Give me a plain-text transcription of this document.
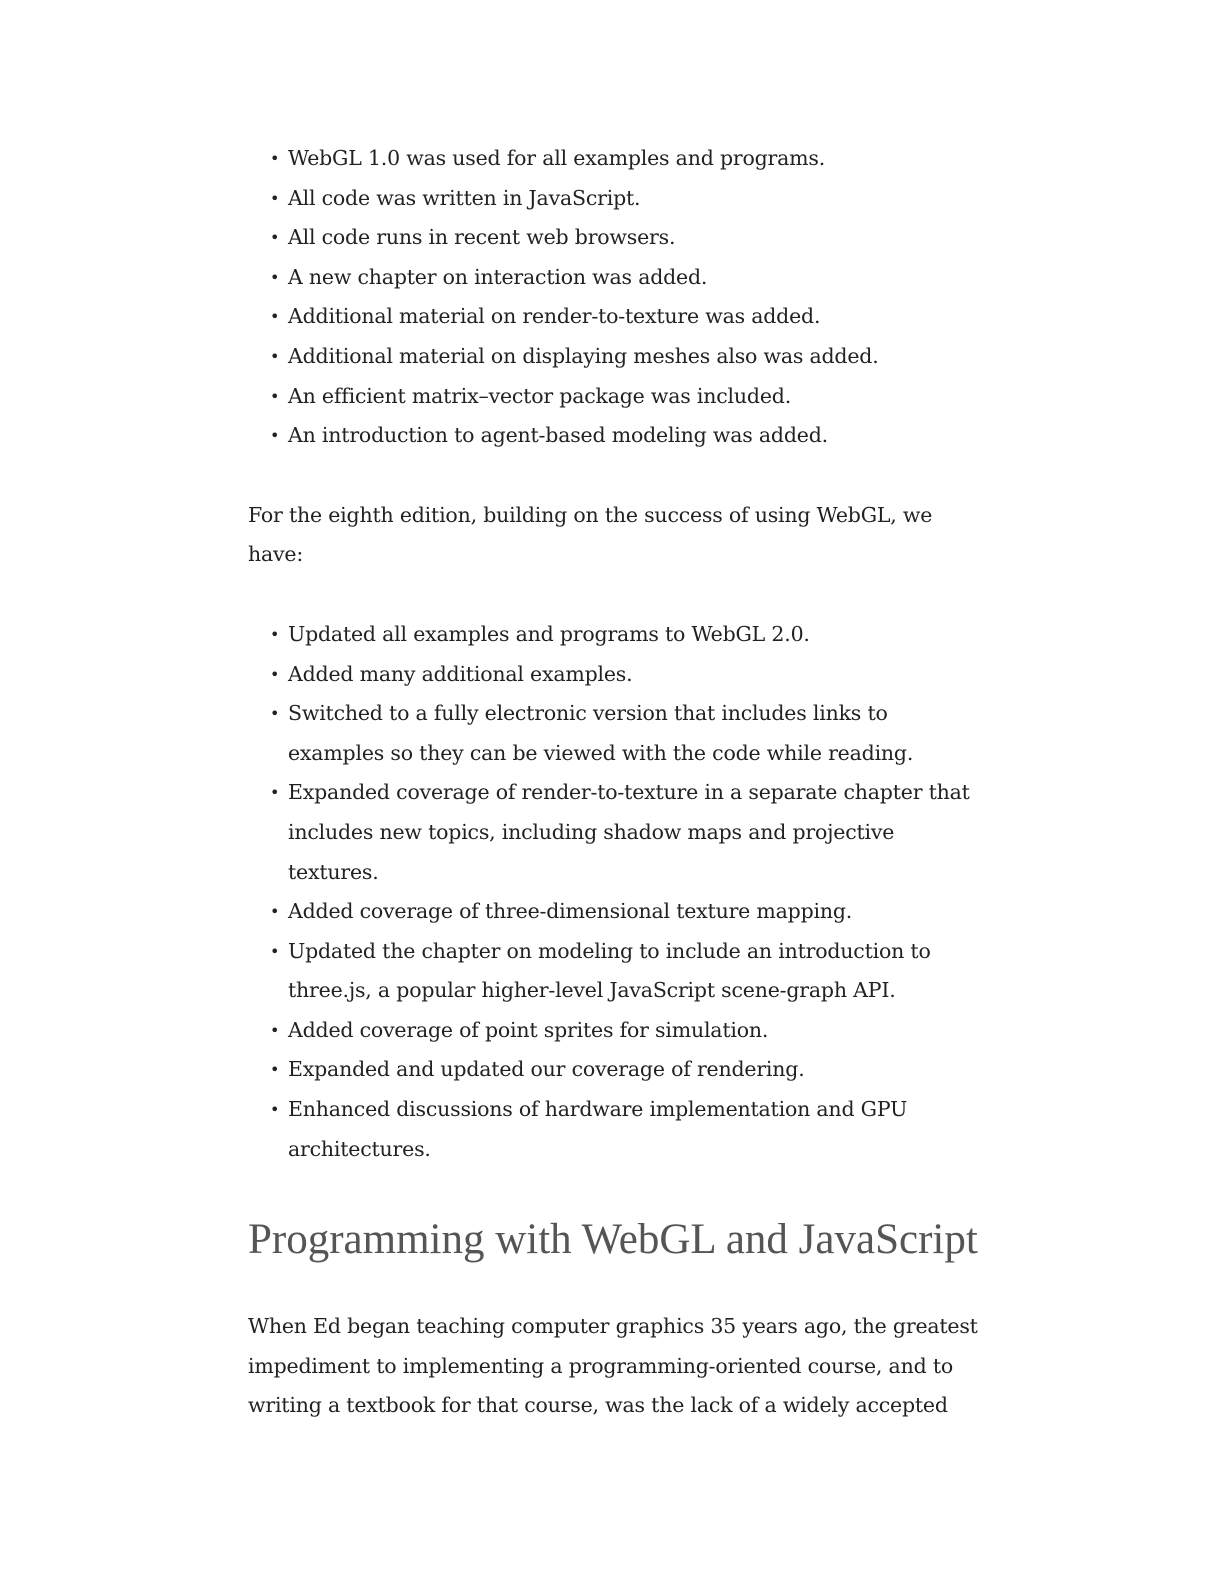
• WebGL 1.0 was used for all examples and programs.
• All code was written in JavaScript.
• All code runs in recent web browsers.
• A new chapter on interaction was added.
• Additional material on render-to-texture was added.
• Additional material on displaying meshes also was added.
• An efficient matrix–vector package was included.
• An introduction to agent-based modeling was added.

For the eighth edition, building on the success of using WebGL, we have:

• Updated all examples and programs to WebGL 2.0.
• Added many additional examples.
• Switched to a fully electronic version that includes links to examples so they can be viewed with the code while reading.
• Expanded coverage of render-to-texture in a separate chapter that includes new topics, including shadow maps and projective textures.
• Added coverage of three-dimensional texture mapping.
• Updated the chapter on modeling to include an introduction to three.js, a popular higher-level JavaScript scene-graph API.
• Added coverage of point sprites for simulation.
• Expanded and updated our coverage of rendering.
• Enhanced discussions of hardware implementation and GPU architectures.
Programming with WebGL and JavaScript

When Ed began teaching computer graphics 35 years ago, the greatest impediment to implementing a programming-oriented course, and to writing a textbook for that course, was the lack of a widely accepted
